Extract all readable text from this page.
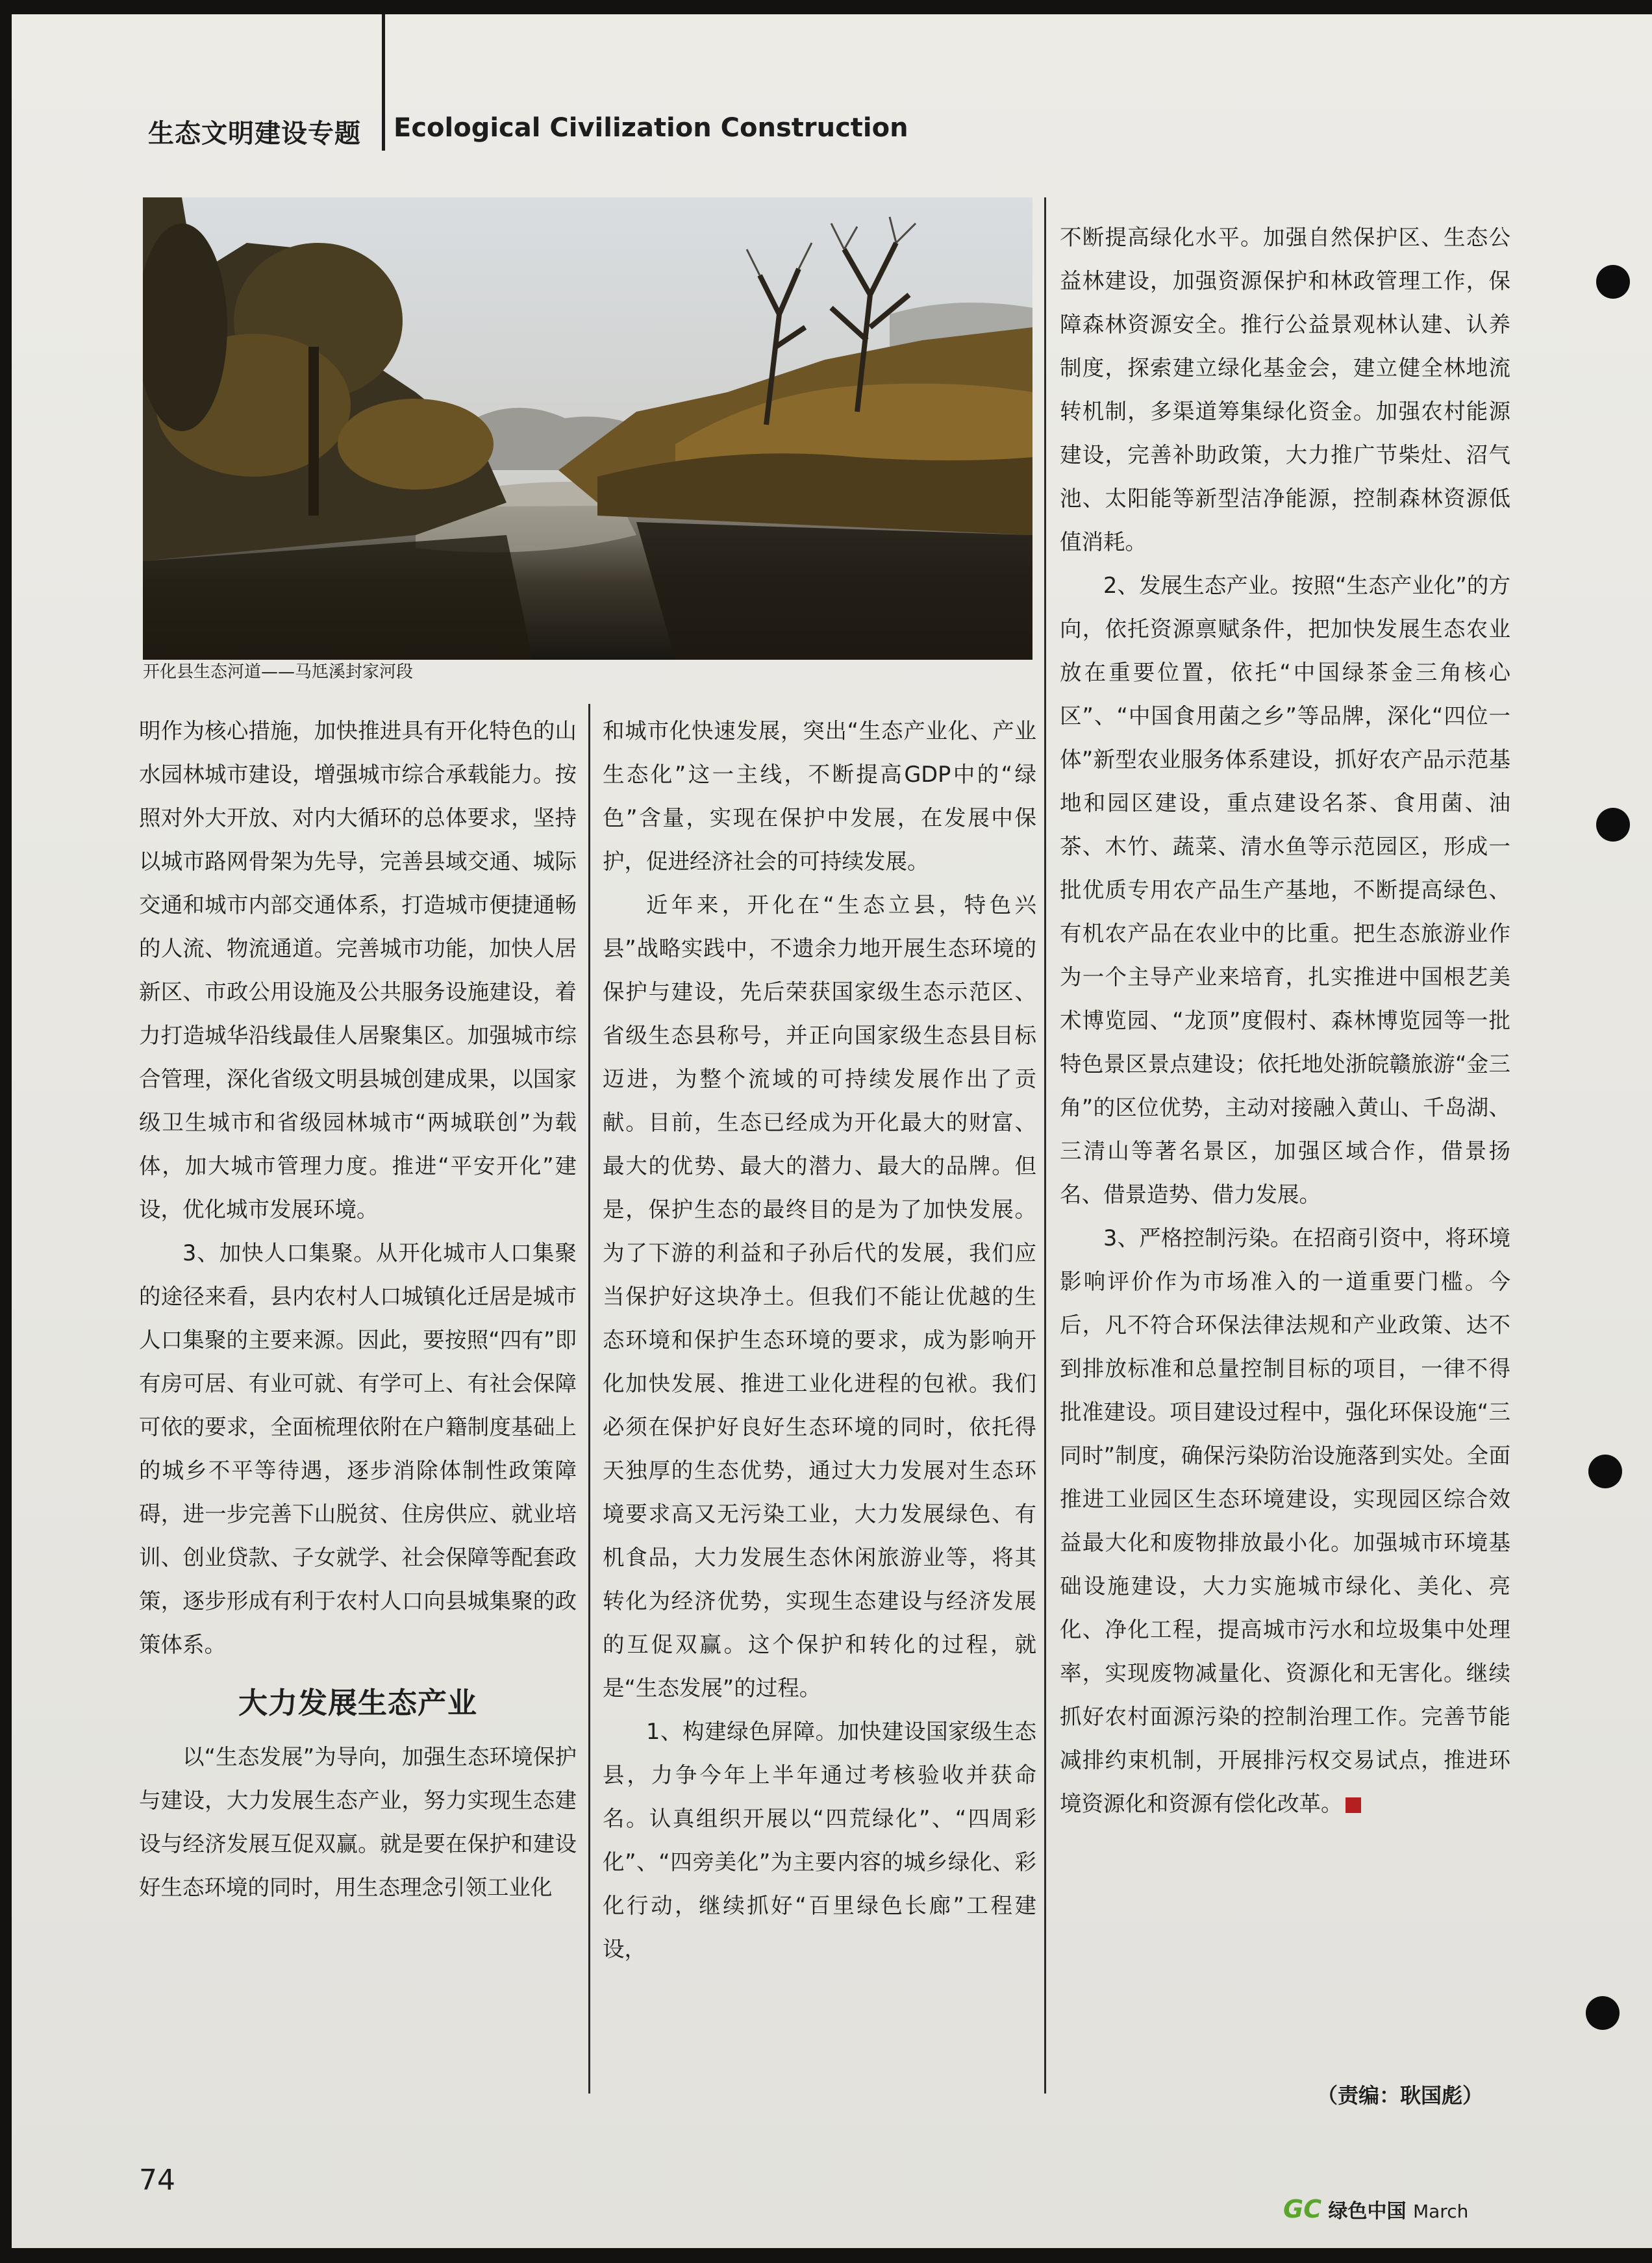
生态文明建设专题 Ecological Civilization Construction
开化县生态河道——马尪溪封家河段

明作为核心措施，加快推进具有开化特色的山水园林城市建设，增强城市综合承载能力。按照对外大开放、对内大循环的总体要求，坚持以城市路网骨架为先导，完善县域交通、城际交通和城市内部交通体系，打造城市便捷通畅的人流、物流通道。完善城市功能，加快人居新区、市政公用设施及公共服务设施建设，着力打造城华沿线最佳人居聚集区。加强城市综合管理，深化省级文明县城创建成果，以国家级卫生城市和省级园林城市“两城联创”为载体，加大城市管理力度。推进“平安开化”建设，优化城市发展环境。

3、加快人口集聚。从开化城市人口集聚的途径来看，县内农村人口城镇化迁居是城市人口集聚的主要来源。因此，要按照“四有”即有房可居、有业可就、有学可上、有社会保障可依的要求，全面梳理依附在户籍制度基础上的城乡不平等待遇，逐步消除体制性政策障碍，进一步完善下山脱贫、住房供应、就业培训、创业贷款、子女就学、社会保障等配套政策，逐步形成有利于农村人口向县城集聚的政策体系。

大力发展生态产业

以“生态发展”为导向，加强生态环境保护与建设，大力发展生态产业，努力实现生态建设与经济发展互促双赢。就是要在保护和建设好生态环境的同时，用生态理念引领工业化

和城市化快速发展，突出“生态产业化、产业生态化”这一主线，不断提高GDP中的“绿色”含量，实现在保护中发展，在发展中保护，促进经济社会的可持续发展。

近年来，开化在“生态立县，特色兴县”战略实践中，不遗余力地开展生态环境的保护与建设，先后荣获国家级生态示范区、省级生态县称号，并正向国家级生态县目标迈进，为整个流域的可持续发展作出了贡献。目前，生态已经成为开化最大的财富、最大的优势、最大的潜力、最大的品牌。但是，保护生态的最终目的是为了加快发展。为了下游的利益和子孙后代的发展，我们应当保护好这块净土。但我们不能让优越的生态环境和保护生态环境的要求，成为影响开化加快发展、推进工业化进程的包袱。我们必须在保护好良好生态环境的同时，依托得天独厚的生态优势，通过大力发展对生态环境要求高又无污染工业，大力发展绿色、有机食品，大力发展生态休闲旅游业等，将其转化为经济优势，实现生态建设与经济发展的互促双赢。这个保护和转化的过程，就是“生态发展”的过程。

1、构建绿色屏障。加快建设国家级生态县，力争今年上半年通过考核验收并获命名。认真组织开展以“四荒绿化”、“四周彩化”、“四旁美化”为主要内容的城乡绿化、彩化行动，继续抓好“百里绿色长廊”工程建设，

不断提高绿化水平。加强自然保护区、生态公益林建设，加强资源保护和林政管理工作，保障森林资源安全。推行公益景观林认建、认养制度，探索建立绿化基金会，建立健全林地流转机制，多渠道筹集绿化资金。加强农村能源建设，完善补助政策，大力推广节柴灶、沼气池、太阳能等新型洁净能源，控制森林资源低值消耗。

2、发展生态产业。按照“生态产业化”的方向，依托资源禀赋条件，把加快发展生态农业放在重要位置，依托“中国绿茶金三角核心区”、“中国食用菌之乡”等品牌，深化“四位一体”新型农业服务体系建设，抓好农产品示范基地和园区建设，重点建设名茶、食用菌、油茶、木竹、蔬菜、清水鱼等示范园区，形成一批优质专用农产品生产基地，不断提高绿色、有机农产品在农业中的比重。把生态旅游业作为一个主导产业来培育，扎实推进中国根艺美术博览园、“龙顶”度假村、森林博览园等一批特色景区景点建设；依托地处浙皖赣旅游“金三角”的区位优势，主动对接融入黄山、千岛湖、三清山等著名景区，加强区域合作，借景扬名、借景造势、借力发展。

3、严格控制污染。在招商引资中，将环境影响评价作为市场准入的一道重要门槛。今后，凡不符合环保法律法规和产业政策、达不到排放标准和总量控制目标的项目，一律不得批准建设。项目建设过程中，强化环保设施“三同时”制度，确保污染防治设施落到实处。全面推进工业园区生态环境建设，实现园区综合效益最大化和废物排放最小化。加强城市环境基础设施建设，大力实施城市绿化、美化、亮化、净化工程，提高城市污水和垃圾集中处理率，实现废物减量化、资源化和无害化。继续抓好农村面源污染的控制治理工作。完善节能减排约束机制，开展排污权交易试点，推进环境资源化和资源有偿化改革。

（责编：耿国彪）
74
GC 绿色中国 March
